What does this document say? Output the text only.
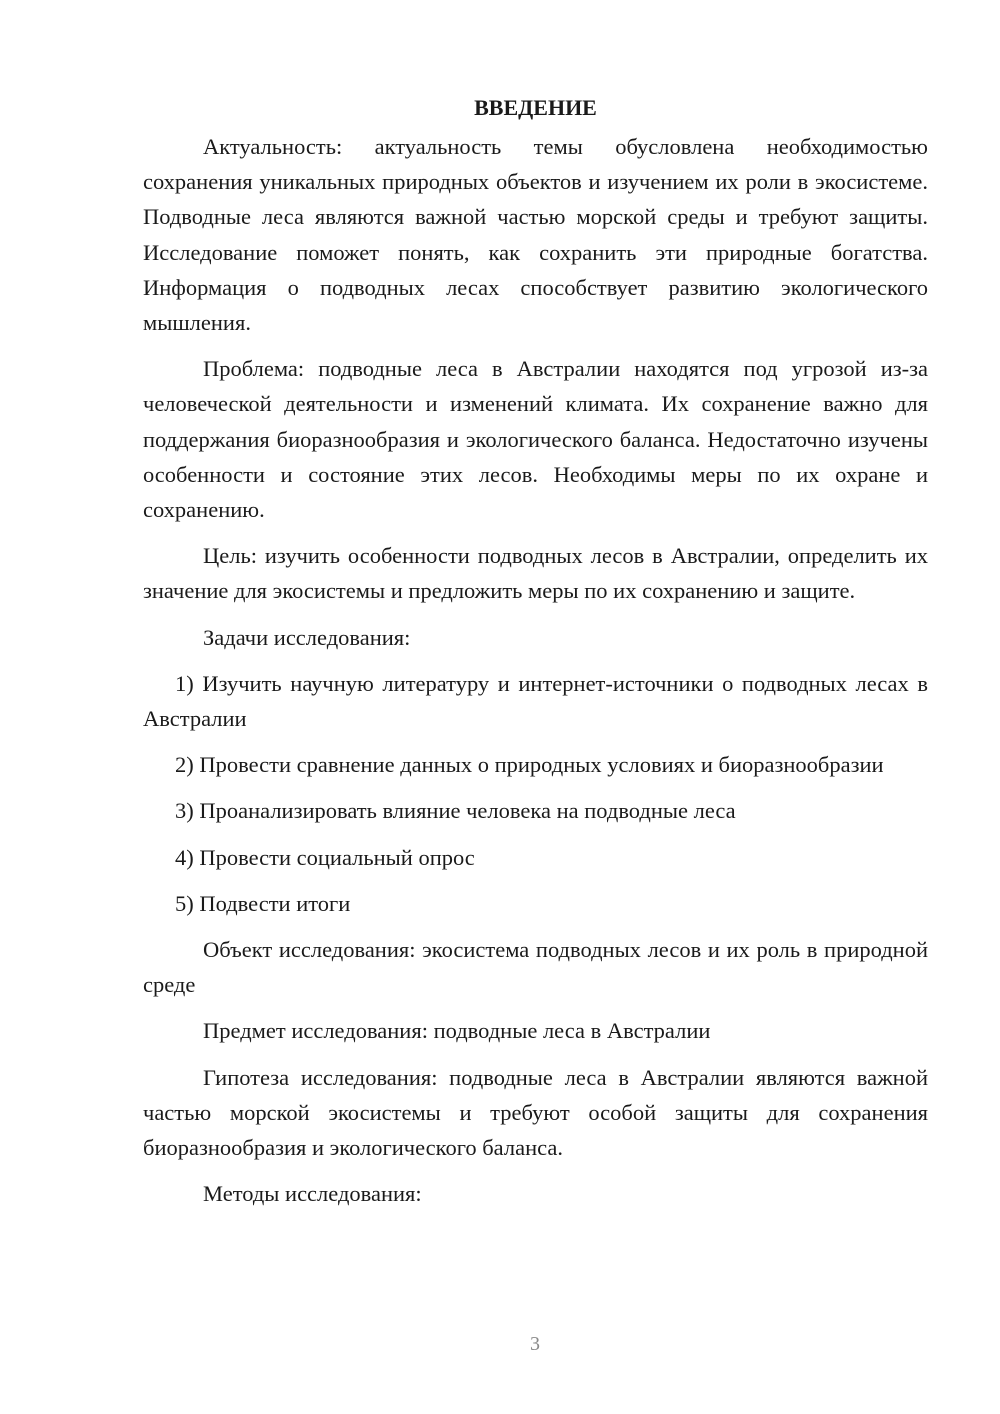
ВВЕДЕНИЕ

Актуальность: актуальность темы обусловлена необходимостью сохранения уникальных природных объектов и изучением их роли в экосистеме. Подводные леса являются важной частью морской среды и требуют защиты. Исследование поможет понять, как сохранить эти природные богатства. Информация о подводных лесах способствует развитию экологического мышления.

Проблема: подводные леса в Австралии находятся под угрозой из-за человеческой деятельности и изменений климата. Их сохранение важно для поддержания биоразнообразия и экологического баланса. Недостаточно изучены особенности и состояние этих лесов. Необходимы меры по их охране и сохранению.

Цель: изучить особенности подводных лесов в Австралии, определить их значение для экосистемы и предложить меры по их сохранению и защите.

Задачи исследования:

1) Изучить научную литературу и интернет-источники о подводных лесах в Австралии

2) Провести сравнение данных о природных условиях и биоразнообразии

3) Проанализировать влияние человека на подводные леса

4) Провести социальный опрос

5) Подвести итоги

Объект исследования: экосистема подводных лесов и их роль в природной среде

Предмет исследования: подводные леса в Австралии

Гипотеза исследования: подводные леса в Австралии являются важной частью морской экосистемы и требуют особой защиты для сохранения биоразнообразия и экологического баланса.

Методы исследования:

3
